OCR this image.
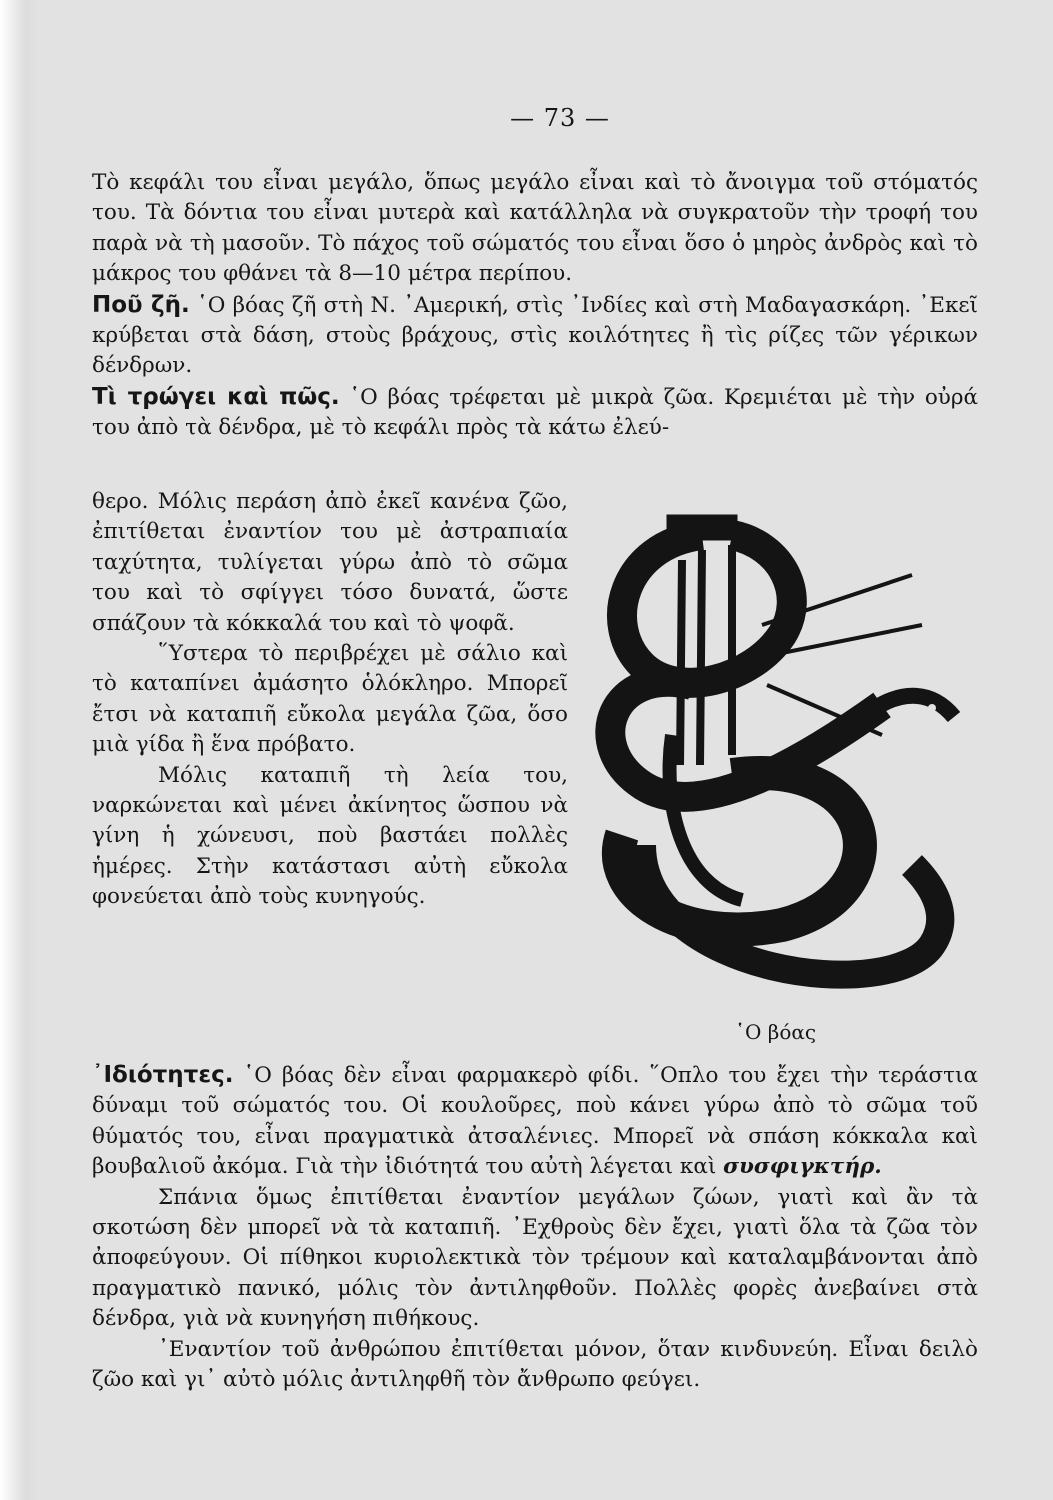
— 73 —

Τὸ κεφάλι του εἶναι μεγάλο, ὅπως μεγάλο εἶναι καὶ τὸ ἄνοιγμα τοῦ στόματός του. Τὰ δόντια του εἶναι μυτερὰ καὶ κατάλληλα νὰ συγκρατοῦν τὴν τροφή του παρὰ νὰ τὴ μασοῦν. Τὸ πάχος τοῦ σώματός του εἶναι ὅσο ὁ μηρὸς ἀνδρὸς καὶ τὸ μάκρος του φθάνει τὰ 8—10 μέτρα περίπου.

Ποῦ ζῆ. ῾Ο βόας ζῆ στὴ Ν. ᾿Αμερική, στὶς ᾿Ινδίες καὶ στὴ Μαδαγασκάρη. ᾿Εκεῖ κρύβεται στὰ δάση, στοὺς βράχους, στὶς κοιλότητες ἢ τὶς ρίζες τῶν γέρικων δένδρων.

Τὶ τρώγει καὶ πῶς. ῾Ο βόας τρέφεται μὲ μικρὰ ζῶα. Κρεμιέται μὲ τὴν οὐρά του ἀπὸ τὰ δένδρα, μὲ τὸ κεφάλι πρὸς τὰ κάτω ἐλεύ-

θερο. Μόλις περάση ἀπὸ ἐκεῖ κανένα ζῶο, ἐπιτίθεται ἐναντίον του μὲ ἀστραπιαία ταχύτητα, τυλίγεται γύρω ἀπὸ τὸ σῶμα του καὶ τὸ σφίγγει τόσο δυνατά, ὥστε σπάζουν τὰ κόκκαλά του καὶ τὸ ψοφᾶ.

῞Υστερα τὸ περιβρέχει μὲ σάλιο καὶ τὸ καταπίνει ἀμάσητο ὁλόκληρο. Μπορεῖ ἔτσι νὰ καταπιῆ εὔκολα μεγάλα ζῶα, ὅσο μιὰ γίδα ἢ ἕνα πρόβατο.

Μόλις καταπιῆ τὴ λεία του, ναρκώνεται καὶ μένει ἀκίνητος ὥσπου νὰ γίνη ἡ χώνευσι, ποὺ βαστάει πολλὲς ἡμέρες. Στὴν κατάστασι αὐτὴ εὔκολα φονεύεται ἀπὸ τοὺς κυνηγούς.

῾Ο βόας

᾿Ιδιότητες. ῾Ο βόας δὲν εἶναι φαρμακερὸ φίδι. ῞Οπλο του ἔχει τὴν τεράστια δύναμι τοῦ σώματός του. Οἱ κουλοῦρες, ποὺ κάνει γύρω ἀπὸ τὸ σῶμα τοῦ θύματός του, εἶναι πραγματικὰ ἀτσαλένιες. Μπορεῖ νὰ σπάση κόκκαλα καὶ βουβαλιοῦ ἀκόμα. Γιὰ τὴν ἰδιότητά του αὐτὴ λέγεται καὶ συσφιγκτήρ.

Σπάνια ὅμως ἐπιτίθεται ἐναντίον μεγάλων ζώων, γιατὶ καὶ ἂν τὰ σκοτώση δὲν μπορεῖ νὰ τὰ καταπιῆ. ᾿Εχθροὺς δὲν ἔχει, γιατὶ ὅλα τὰ ζῶα τὸν ἀποφεύγουν. Οἱ πίθηκοι κυριολεκτικὰ τὸν τρέμουν καὶ καταλαμβάνονται ἀπὸ πραγματικὸ πανικό, μόλις τὸν ἀντιληφθοῦν. Πολλὲς φορὲς ἀνεβαίνει στὰ δένδρα, γιὰ νὰ κυνηγήση πιθήκους.

᾿Εναντίον τοῦ ἀνθρώπου ἐπιτίθεται μόνον, ὅταν κινδυνεύη. Εἶναι δειλὸ ζῶο καὶ γι᾿ αὐτὸ μόλις ἀντιληφθῆ τὸν ἄνθρωπο φεύγει.
